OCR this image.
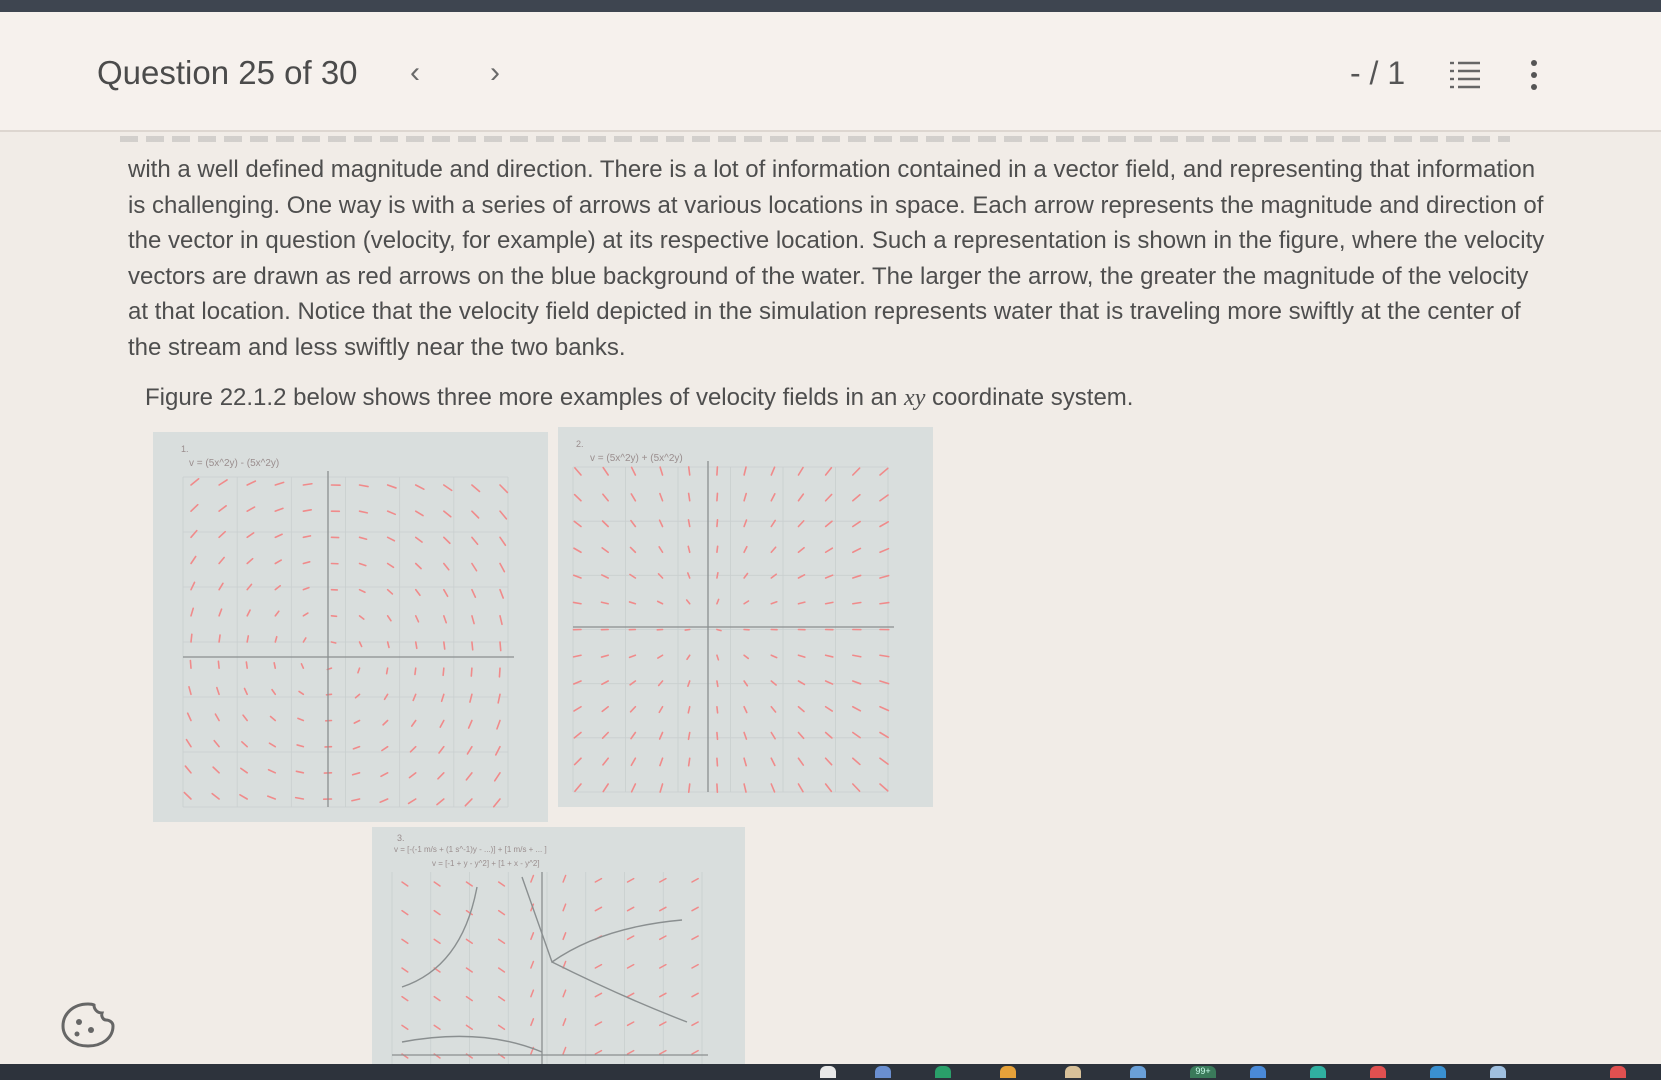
Question 25 of 30 ‹ ›	- / 1
with a well defined magnitude and direction. There is a lot of information contained in a vector field, and representing that information is challenging. One way is with a series of arrows at various locations in space. Each arrow represents the magnitude and direction of the vector in question (velocity, for example) at its respective location. Such a representation is shown in the figure, where the velocity vectors are drawn as red arrows on the blue background of the water. The larger the arrow, the greater the magnitude of the velocity at that location. Notice that the velocity field depicted in the simulation represents water that is traveling more swiftly at the center of the stream and less swiftly near the two banks.
Figure 22.1.2 below shows three more examples of velocity fields in an xy coordinate system.
1.
v = (5x^2y) - (5x^2y)
2.
v = (5x^2y) + (5x^2y)
3.
v = [-(-1 m/s + (1 s^-1)y - ...)] + [1 m/s + ... ]
v = [-1 + y - y^2] + [1 + x - y^2]
99+
